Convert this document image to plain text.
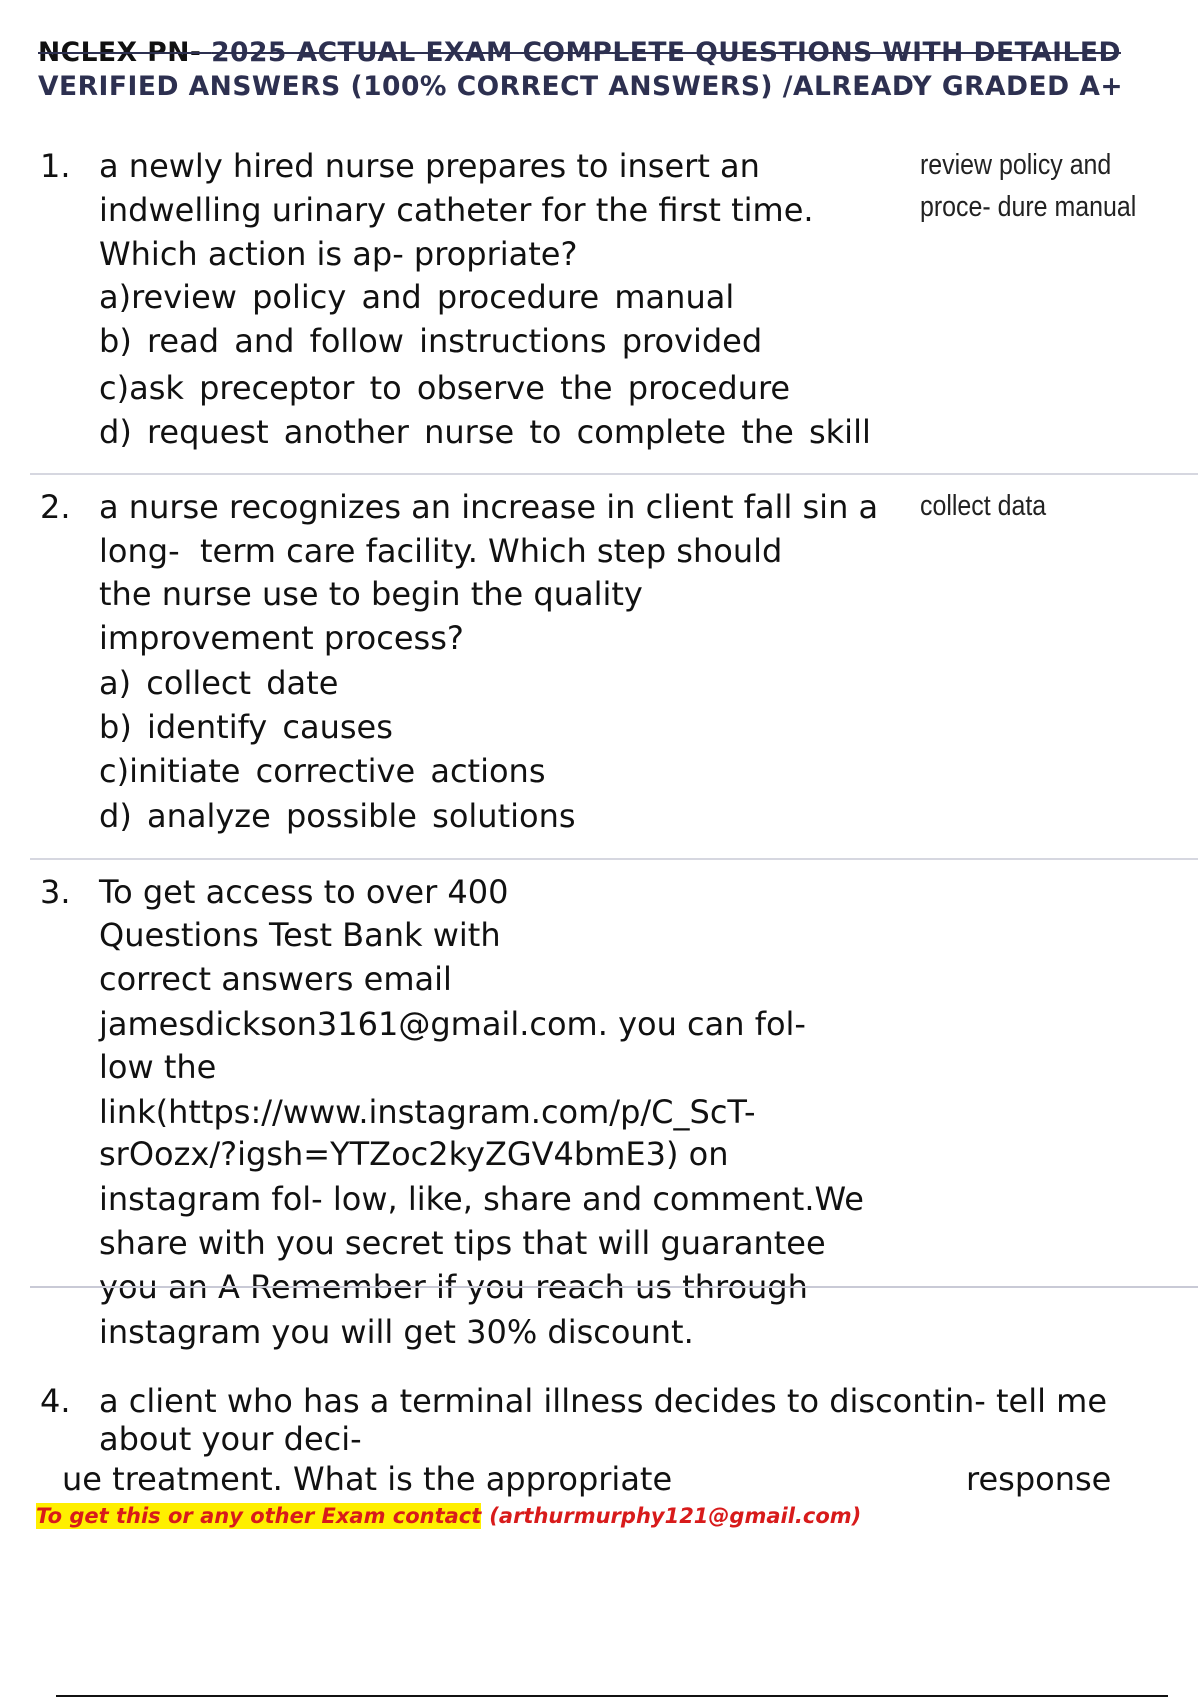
NCLEX PN- 2025 ACTUAL EXAM COMPLETE QUESTIONS WITH DETAILED
VERIFIED ANSWERS (100% CORRECT ANSWERS) /ALREADY GRADED A+
1. a newly hired nurse prepares to insert an
indwelling urinary catheter for the first time.
Which action is ap- propriate?
a)review policy and procedure manual
b) read and follow instructions provided
c)ask preceptor to observe the procedure
d) request another nurse to complete the skill
review policy and
proce- dure manual
2. a nurse recognizes an increase in client fall sin a
long-  term care facility. Which step should
the nurse use to begin the quality
improvement process?
a) collect date
b) identify causes
c)initiate corrective actions
d) analyze possible solutions
collect data
3. To get access to over 400
Questions Test Bank with
correct answers email
jamesdickson3161@gmail.com. you can fol-
low the
link(https://www.instagram.com/p/C_ScT-
srOozx/?igsh=YTZoc2kyZGV4bmE3) on
instagram fol- low, like, share and comment.We
share with you secret tips that will guarantee
you an A Remember if you reach us through
instagram you will get 30% discount.
4. a client who has a terminal illness decides to discontin- tell me
about your deci-
ue treatment. What is the appropriate	response
To get this or any other Exam contact (arthurmurphy121@gmail.com)
